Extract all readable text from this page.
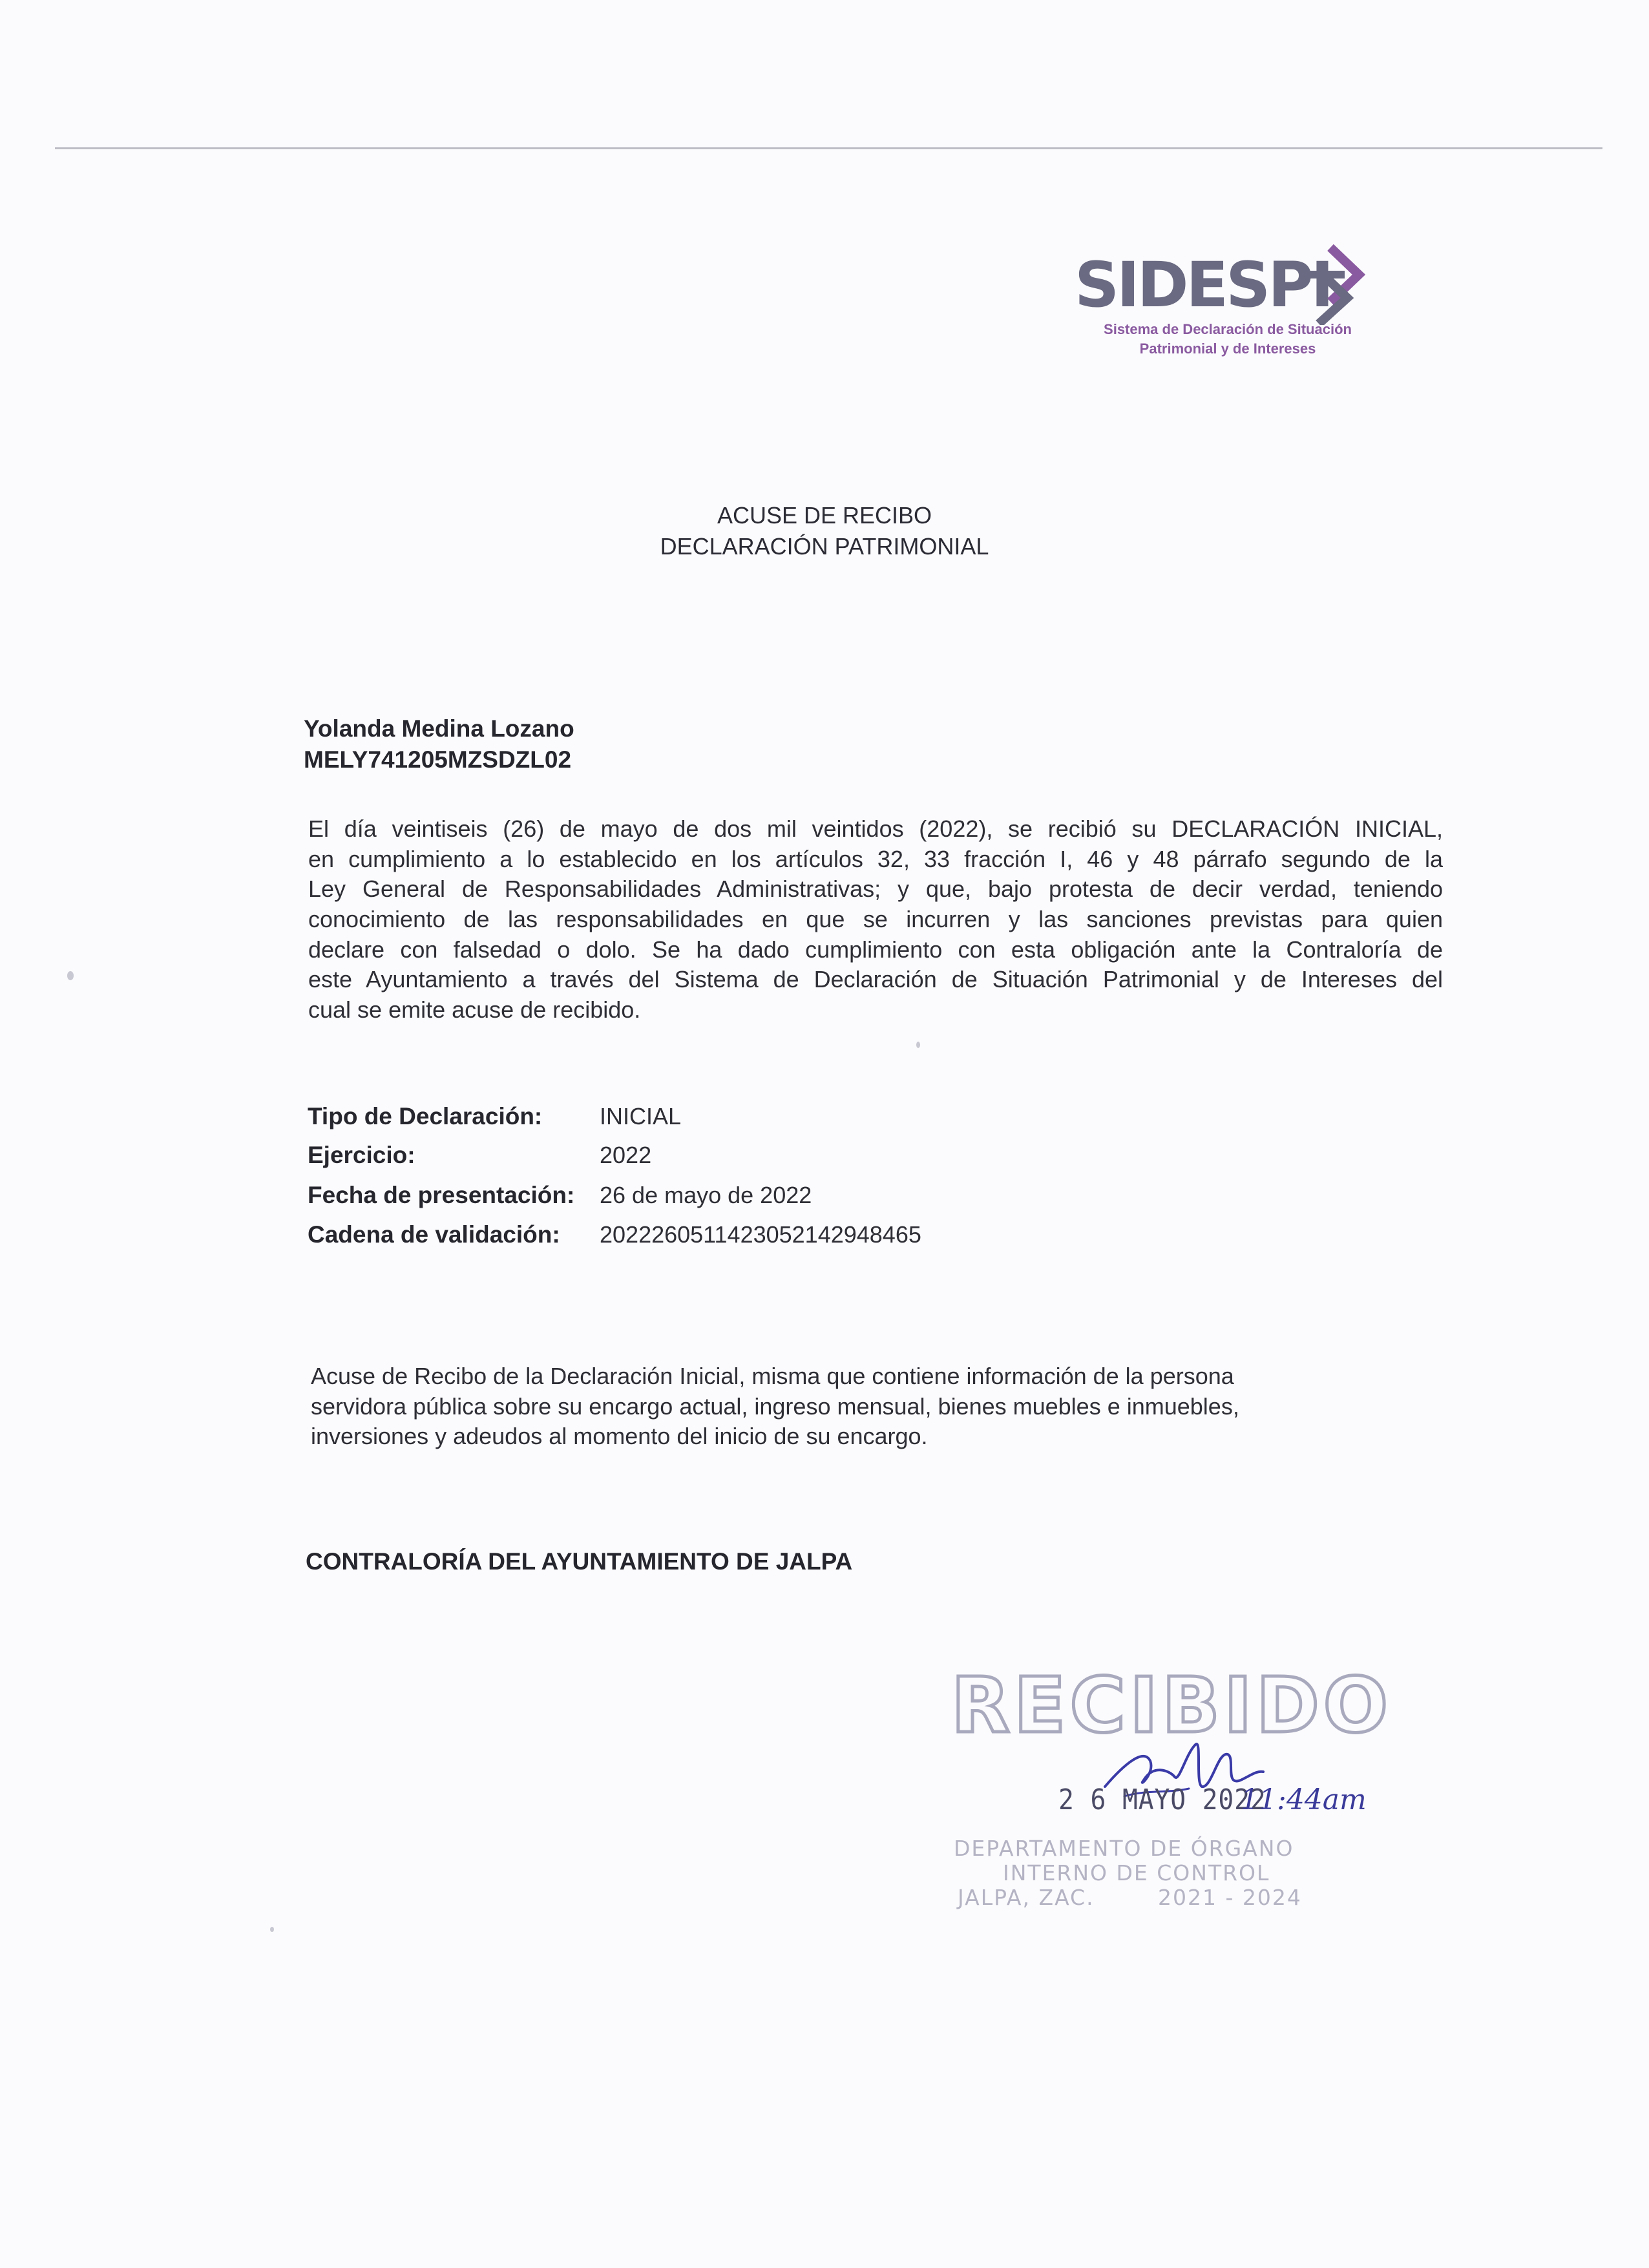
SIDESPI
Sistema de Declaración de Situación
Patrimonial y de Intereses
ACUSE DE RECIBO
DECLARACIÓN PATRIMONIAL
Yolanda Medina Lozano
MELY741205MZSDZL02
El día veintiseis (26) de mayo de dos mil veintidos (2022), se recibió su DECLARACIÓN INICIAL,
en cumplimiento a lo establecido en los artículos 32, 33 fracción I, 46 y 48 párrafo segundo de la
Ley General de Responsabilidades Administrativas; y que, bajo protesta de decir verdad, teniendo
conocimiento de las responsabilidades en que se incurren y las sanciones previstas para quien
declare con falsedad o dolo. Se ha dado cumplimiento con esta obligación ante la Contraloría de
este Ayuntamiento a través del Sistema de Declaración de Situación Patrimonial y de Intereses del
cual se emite acuse de recibido.
Tipo de Declaración: INICIAL
Ejercicio:	2022
Fecha de presentación: 26 de mayo de 2022
Cadena de validación: 20222605114230521429484​65
Acuse de Recibo de la Declaración Inicial, misma que contiene información de la persona
servidora pública sobre su encargo actual, ingreso mensual, bienes muebles e inmuebles,
inversiones y adeudos al momento del inicio de su encargo.
CONTRALORÍA DEL AYUNTAMIENTO DE JALPA
RECIBIDO
2 6 MAYO 2022
11:44am
DEPARTAMENTO DE ÓRGANO
INTERNO DE CONTROL
JALPA, ZAC.	2021 - 2024
